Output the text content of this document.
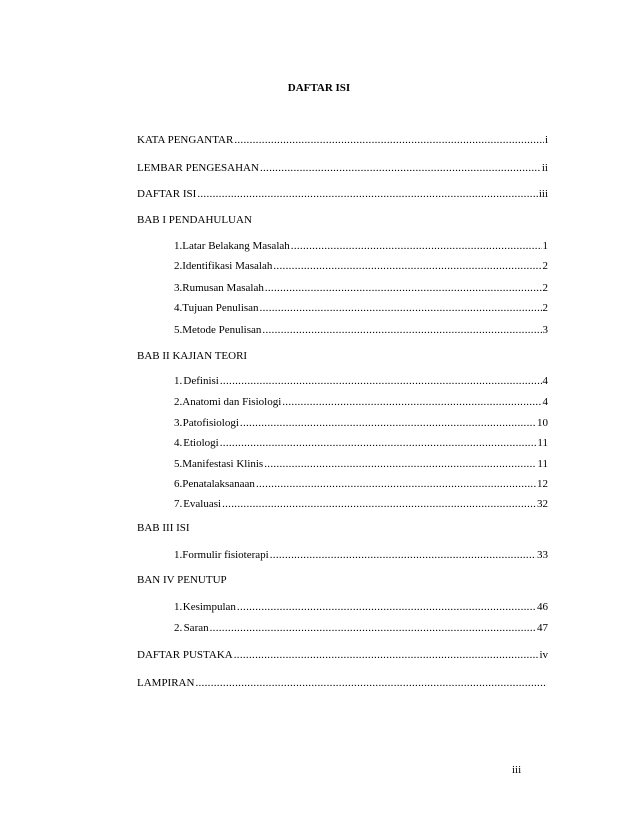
DAFTAR ISI
KATA PENGANTAR .....	i
LEMBAR PENGESAHAN .....	ii
DAFTAR ISI .....	iii
BAB I PENDAHULUAN
1. Latar Belakang Masalah .....	1
2. Identifikasi Masalah .....	2
3. Rumusan Masalah .....	2
4. Tujuan Penulisan .....	2
5. Metode Penulisan .....	3
BAB II KAJIAN TEORI
1. Definisi .....	4
2. Anatomi dan Fisiologi .....	4
3. Patofisiologi .....	10
4. Etiologi .....	11
5. Manifestasi Klinis .....	11
6. Penatalaksanaan .....	12
7. Evaluasi .....	32
BAB III ISI
1. Formulir fisioterapi .....	33
BAN IV PENUTUP
1. Kesimpulan .....	46
2. Saran .....	47
DAFTAR PUSTAKA .....	iv
LAMPIRAN
.....
iii
